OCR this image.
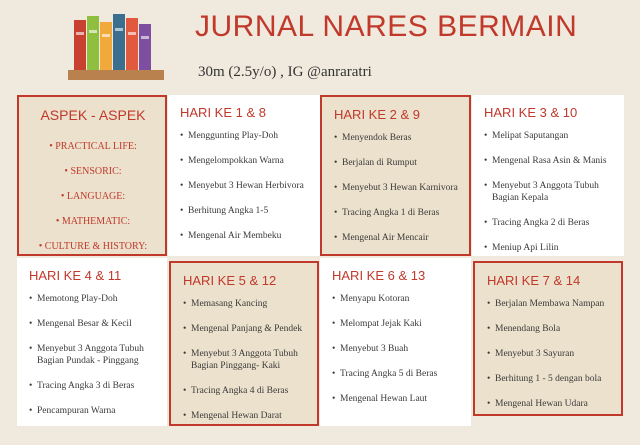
JURNAL NARES BERMAIN
30m (2.5y/o) , IG @anraratri
ASPEK - ASPEK
• PRACTICAL LIFE:
• SENSORIC:
• LANGUAGE:
• MATHEMATIC:
• CULTURE & HISTORY:
HARI KE 1 & 8
• Menggunting Play-Doh
• Mengelompokkan Warna
• Menyebut 3 Hewan Herbivora
• Berhitung Angka 1-5
• Mengenal Air Membeku
HARI KE 2 & 9
• Menyendok Beras
• Berjalan di Rumput
• Menyebut 3 Hewan Karnivora
• Tracing Angka 1 di Beras
• Mengenal Air Mencair
HARI KE 3 & 10
• Melipat Saputangan
• Mengenal Rasa Asin & Manis
• Menyebut 3 Anggota Tubuh Bagian Kepala
• Tracing Angka 2 di Beras
• Meniup Api Lilin
HARI KE 4 & 11
• Memotong Play-Doh
• Mengenal Besar & Kecil
• Menyebut 3 Anggota Tubuh Bagian Pundak - Pinggang
• Tracing Angka 3 di Beras
• Pencampuran Warna
HARI KE 5 & 12
• Memasang Kancing
• Mengenal Panjang & Pendek
• Menyebut 3 Anggota Tubuh Bagian Pinggang- Kaki
• Tracing Angka 4 di Beras
• Mengenal Hewan Darat
HARI KE 6 & 13
• Menyapu Kotoran
• Melompat Jejak Kaki
• Menyebut 3 Buah
• Tracing Angka 5 di Beras
• Mengenal Hewan Laut
HARI KE 7 & 14
• Berjalan Membawa Nampan
• Menendang Bola
• Menyebut 3 Sayuran
• Berhitung 1 - 5 dengan bola
• Mengenal Hewan Udara
